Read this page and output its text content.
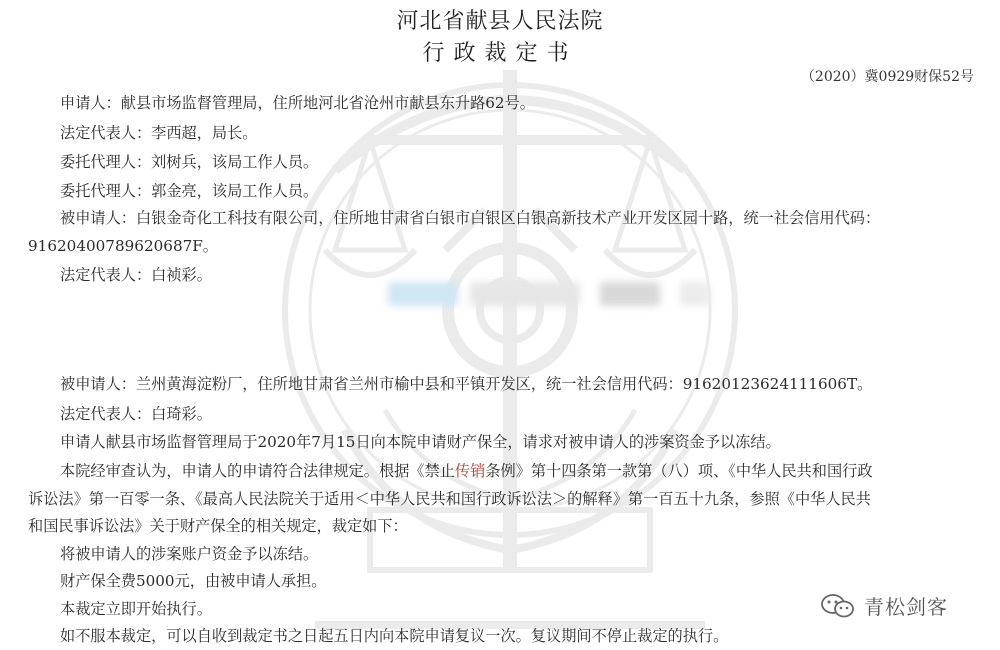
河北省献县人民法院
行政裁定书
（2020）冀0929财保52号
申请人：献县市场监督管理局，住所地河北省沧州市献县东升路62号。
法定代表人：李西超，局长。
委托代理人：刘树兵，该局工作人员。
委托代理人：郭金亮，该局工作人员。
被申请人：白银金奇化工科技有限公司，住所地甘肃省白银市白银区白银高新技术产业开发区园十路，统一社会信用代码：
91620400789620687F。
法定代表人：白祯彩。
被申请人：兰州黄海淀粉厂，住所地甘肃省兰州市榆中县和平镇开发区，统一社会信用代码：91620123624111606T。
法定代表人：白琦彩。
申请人献县市场监督管理局于2020年7月15日向本院申请财产保全，请求对被申请人的涉案资金予以冻结。
本院经审查认为，申请人的申请符合法律规定。根据《禁止传销条例》第十四条第一款第（八）项、《中华人民共和国行政
诉讼法》第一百零一条、《最高人民法院关于适用＜中华人民共和国行政诉讼法＞的解释》第一百五十九条，参照《中华人民共
和国民事诉讼法》关于财产保全的相关规定，裁定如下：
将被申请人的涉案账户资金予以冻结。
财产保全费5000元，由被申请人承担。
本裁定立即开始执行。
如不服本裁定，可以自收到裁定书之日起五日内向本院申请复议一次。复议期间不停止裁定的执行。
青松剑客
